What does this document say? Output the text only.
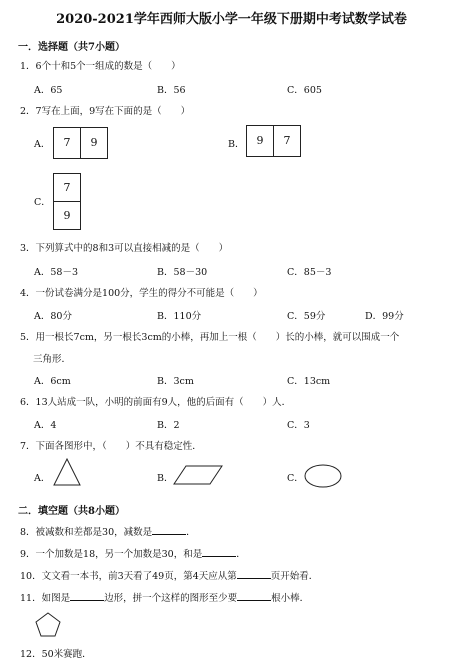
2020-2021学年西师大版小学一年级下册期中考试数学试卷
一．选择题（共7小题）
1．6个十和5个一组成的数是（　　）
A．65	B．56	C．605
2．7写在上面，9写在下面的是（　　）
A．	7	9	B．	9	7
C．
7
9
3．下列算式中的8和3可以直接相减的是（　　）
A．58－3	B．58－30	C．85－3
4．一份试卷满分是100分，学生的得分不可能是（　　）
A．80分	B．110分	C．59分	D．99分
5．用一根长7cm，另一根长3cm的小棒，再加上一根（　　）长的小棒，就可以围成一个
三角形．
A．6cm	B．3cm	C．13cm
6．13人站成一队，小明的前面有9人，他的后面有（　　）人．
A．4	B．2	C．3
7．下面各图形中，（　　）不具有稳定性．
A．	B．	C．
二．填空题（共8小题）
8．被减数和差都是30，减数是	．
9．一个加数是18，另一个加数是30，和是	．
10．文文看一本书，前3天看了49页，第4天应从第	页开始看．
11．如图是	边形，拼一个这样的图形至少要	根小棒．
12．50米赛跑．
